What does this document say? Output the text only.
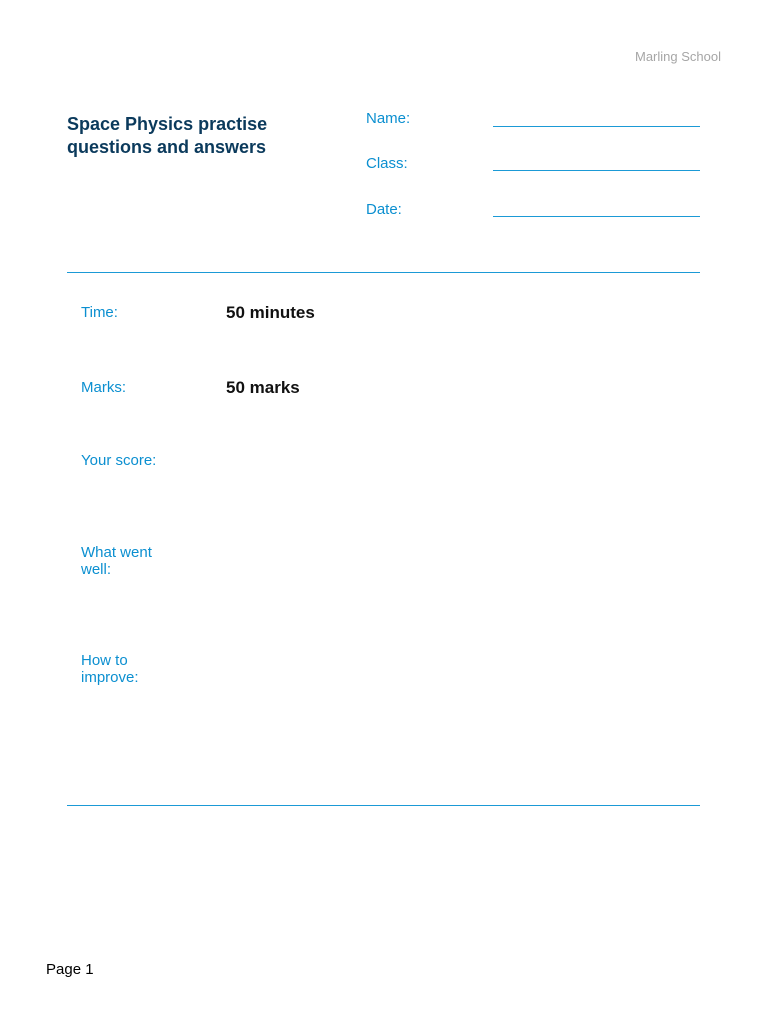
Marling School
Space Physics practise questions and answers
Name:
Class:
Date:
Time:	50 minutes
Marks:	50 marks
Your score:
What went well:
How to improve:
Page 1
